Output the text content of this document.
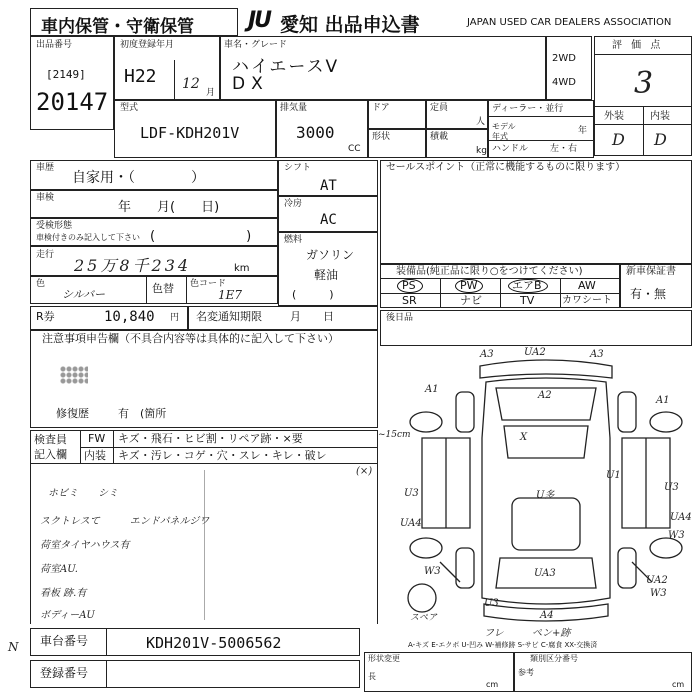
車内保管・守衛保管 JU 愛知 出品申込書	JAPAN USED CAR DEALERS ASSOCIATION
出品番号
[2149]
20147
初度登録年月
H22 12
月
車名・グレード
ハイエースV
DX
2WD
4WD
評 価 点
3
外装	内装
D D
型式
LDF-KDH201V
排気量
3000
CC
ドア
形状
定員
人
積載
kg
ディーラー・並行
モデル 年式
年
ハンドル 左・右
車歴
自家用・（　　　　）
車検
年　　月(　　日)
受検形態
車検付きのみ記入して下さい (　　　　　　　)
走行
25万8千234	km
色
シルバー	色替 色コード
1E7
R券	10,840 円 名変通知期限	月　　日
シフト
AT
冷房
AC
燃料
ガソリン
軽油
(　　　)
セールスポイント（正常に機能するものに限ります）
装備品(純正品に限り○をつけてください)
PS	PW	エアB	AW
SR	ナビ	TV	カワシート
新車保証書
有・無
後日品
注意事項申告欄（不具合内容等は具体的に記入して下さい）
修復歴	有　(箇所
検査員
記入欄
FW キズ・飛石・ヒビ割・リペア跡・×要
内装 キズ・汚レ・コゲ・穴・スレ・キレ・破レ
~15cm
(×)
ホビミ　　シミ
スクトレスて　　　エンドパネルジワ
荷室タイヤハウス有
荷室AU.
看板 跡.有
ボディーAU
A3	UA2	A3
A2
A1
A1
X
U1
U3
U3
U多
UA4
W3
UA4
UA3
W3
UA2
W3
スペア
U3
A4
フレ	ペン+跡
A-キズ E-エクボ U-凹み W-補修跡 S-サビ C-腐食 XX-交換済
N 車台番号	KDH201V-5006562
登録番号
形状変更
長
cm
類別区分番号
参考
cm
